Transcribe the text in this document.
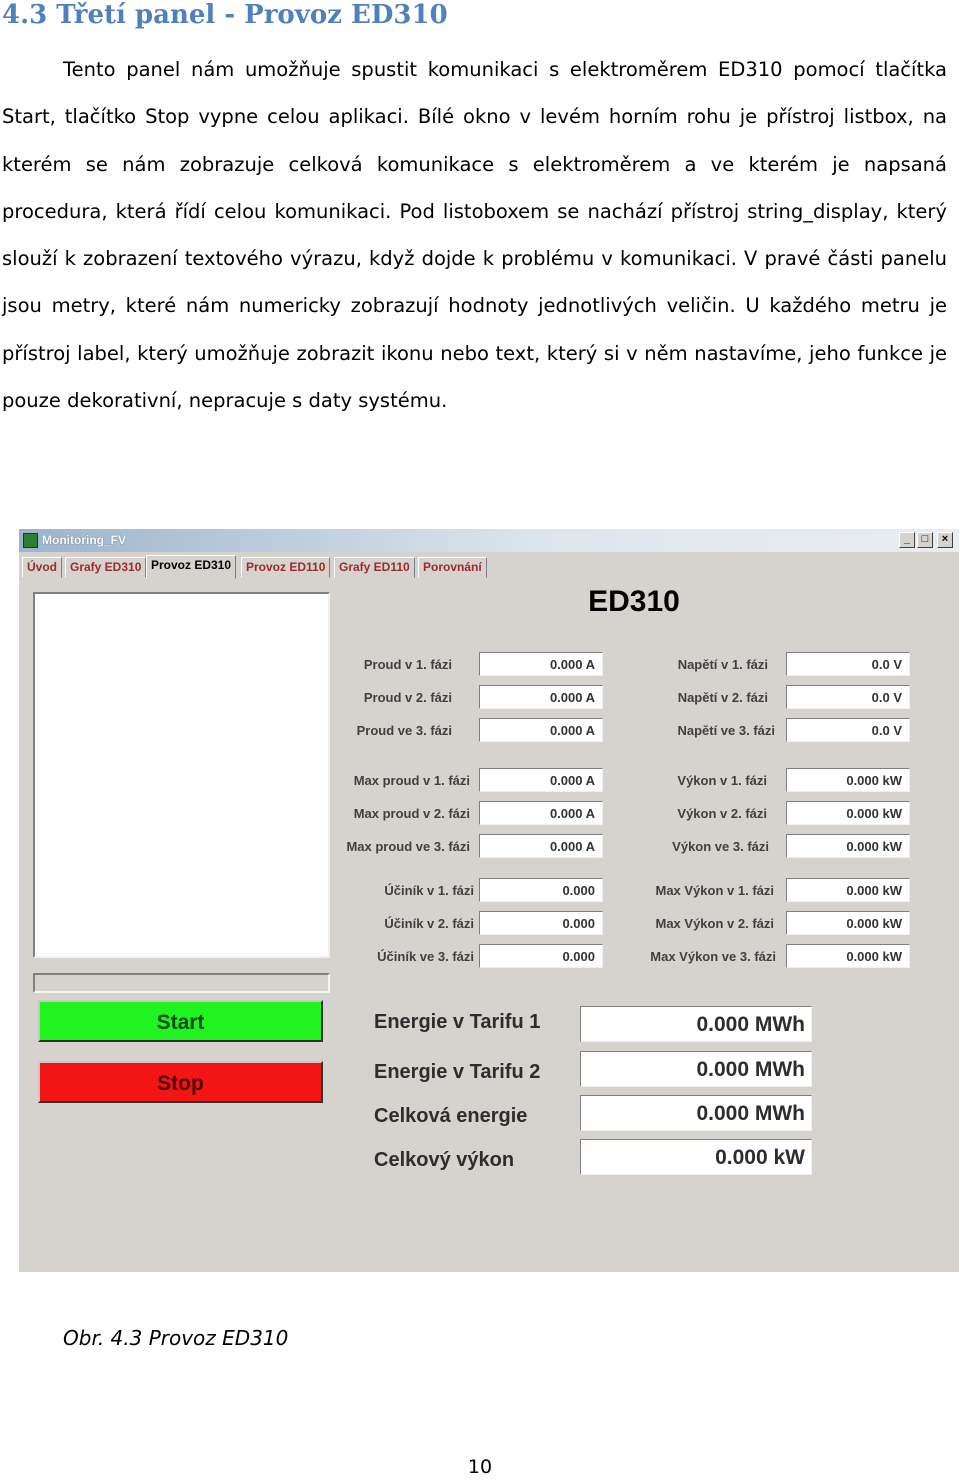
4.3 Třetí panel - Provoz ED310

Tento panel nám umožňuje spustit komunikaci s elektroměrem ED310 pomocí tlačítka Start, tlačítko Stop vypne celou aplikaci. Bílé okno v levém horním rohu je přístroj listbox, na kterém se nám zobrazuje celková komunikace s elektroměrem a ve kterém je napsaná procedura, která řídí celou komunikaci. Pod listoboxem se nachází přístroj string_display, který slouží k zobrazení textového výrazu, když dojde k problému v komunikaci. V pravé části panelu jsou metry, které nám numericky zobrazují hodnoty jednotlivých veličin. U každého metru je přístroj label, který umožňuje zobrazit ikonu nebo text, který si v něm nastavíme, jeho funkce je pouze dekorativní, nepracuje s daty systému.

Monitoring_FV	_	□	×
Úvod	Grafy ED310 Provoz ED310	Provoz ED110	Grafy ED110	Porovnání
Start
Stop
ED310
Proud v 1. fázi	0.000 A
Proud v 2. fázi	0.000 A
Proud ve 3. fázi	0.000 A
Max proud v 1. fázi	0.000 A
Max proud v 2. fázi	0.000 A
Max proud ve 3. fázi	0.000 A
Účiník v 1. fázi	0.000
Účiník v 2. fázi	0.000
Účiník ve 3. fázi	0.000
Napětí v 1. fázi	0.0 V
Napětí v 2. fázi	0.0 V
Napětí ve 3. fázi	0.0 V
Výkon v 1. fázi	0.000 kW
Výkon v 2. fázi	0.000 kW
Výkon ve 3. fázi	0.000 kW
Max Výkon v 1. fázi	0.000 kW
Max Výkon v 2. fázi	0.000 kW
Max Výkon ve 3. fázi	0.000 kW
Energie v Tarifu 1	0.000 MWh
Energie v Tarifu 2	0.000 MWh
Celková energie	0.000 MWh
Celkový výkon	0.000 kW
Obr. 4.3 Provoz ED310
10
